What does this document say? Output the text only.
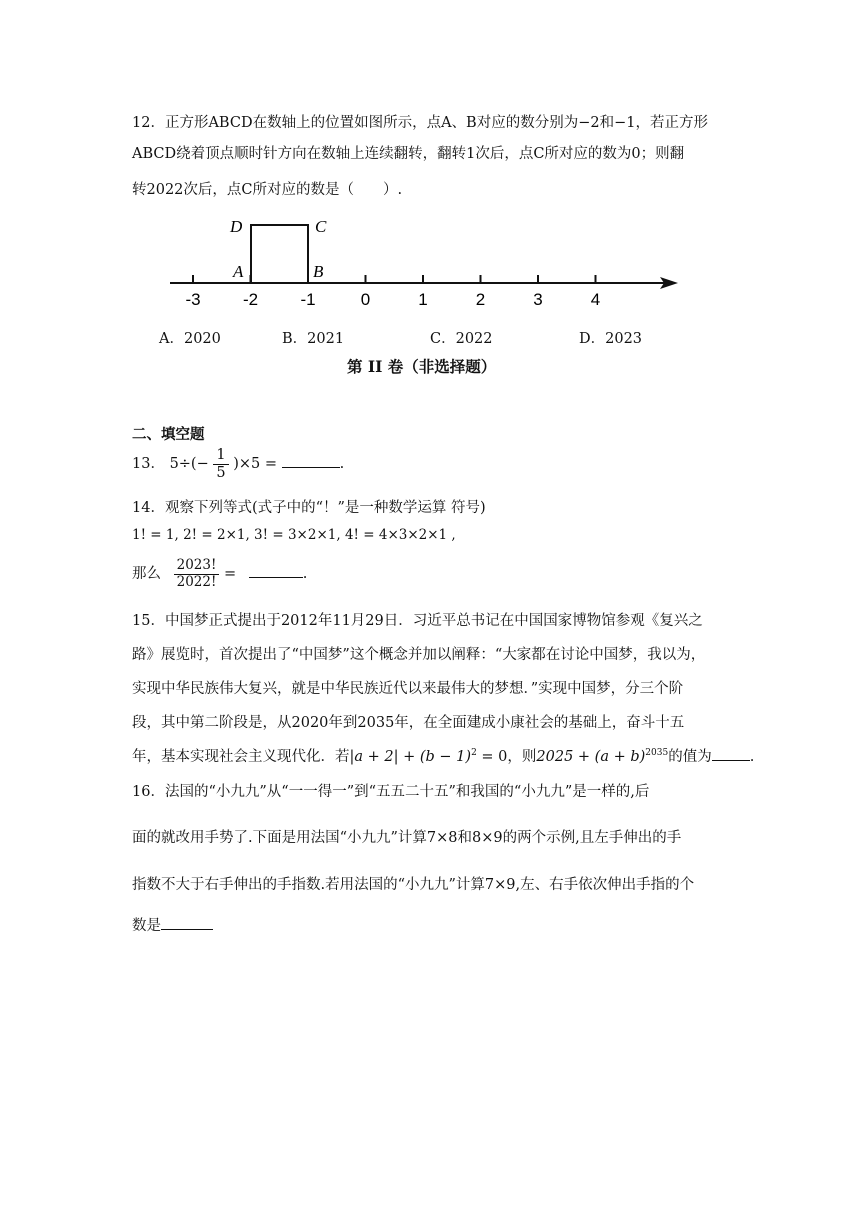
12．正方形ABCD在数轴上的位置如图所示，点A、B对应的数分别为−2和−1，若正方形
ABCD绕着顶点顺时针方向在数轴上连续翻转，翻转1次后，点C所对应的数为0；则翻
转2022次后，点C所对应的数是（　　）.
-3 -2 -1	0	1	2	3	4
D	C
A	B
A．2020	B．2021	C．2022	D．2023
第 II 卷（非选择题）
二、填空题
13． $5\div(- \frac{1}{5} )\times 5$ =	.
14．观察下列等式(式子中的“！”是一种数学运算 符号)
1! = 1, 2! = 2×1, 3! = 3×2×1, 4! = 4×3×2×1 ,
那么 $\frac{2023!}{2022!}$ =	.
15．中国梦正式提出于2012年11月29日．习近平总书记在中国国家博物馆参观《复兴之
路》展览时，首次提出了“中国梦”这个概念并加以阐释：“大家都在讨论中国梦，我以为，
实现中华民族伟大复兴，就是中华民族近代以来最伟大的梦想．”实现中国梦，分三个阶
段，其中第二阶段是，从2020年到2035年，在全面建成小康社会的基础上，奋斗十五
年，基本实现社会主义现代化．若$|a + 2| + (b - 1)^2 = 0$，则$2025 + (a + b)^{2035}$的值为	.
16．法国的“小九九”从“一一得一”到“五五二十五”和我国的“小九九”是一样的,后
面的就改用手势了.下面是用法国“小九九”计算7×8和8×9的两个示例,且左手伸出的手
指数不大于右手伸出的手指数.若用法国的“小九九”计算7×9,左、右手依次伸出手指的个
数是
